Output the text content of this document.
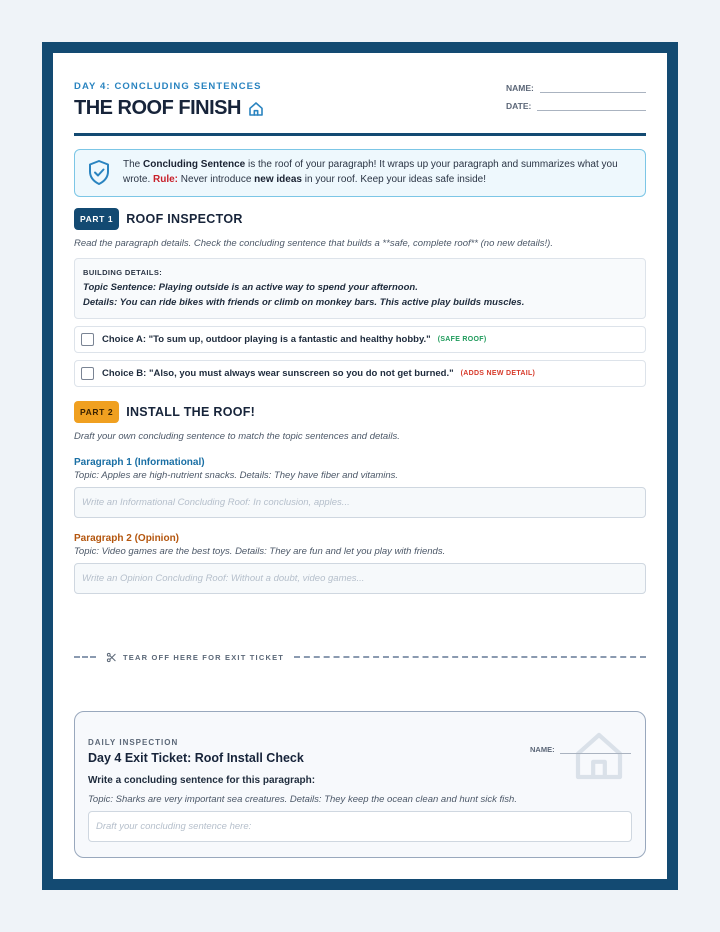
DAY 4: CONCLUDING SENTENCES
THE ROOF FINISH
NAME:
DATE:
The Concluding Sentence is the roof of your paragraph! It wraps up your paragraph and summarizes what you wrote. Rule: Never introduce new ideas in your roof. Keep your ideas safe inside!
PART 1	ROOF INSPECTOR
Read the paragraph details. Check the concluding sentence that builds a **safe, complete roof** (no new details!).
BUILDING DETAILS:
Topic Sentence: Playing outside is an active way to spend your afternoon.
Details: You can ride bikes with friends or climb on monkey bars. This active play builds muscles.
Choice A: "To sum up, outdoor playing is a fantastic and healthy hobby." (SAFE ROOF)
Choice B: "Also, you must always wear sunscreen so you do not get burned." (ADDS NEW DETAIL)
PART 2	INSTALL THE ROOF!
Draft your own concluding sentence to match the topic sentences and details.
Paragraph 1 (Informational)
Topic: Apples are high-nutrient snacks. Details: They have fiber and vitamins.
Write an Informational Concluding Roof: In conclusion, apples...
Paragraph 2 (Opinion)
Topic: Video games are the best toys. Details: They are fun and let you play with friends.
Write an Opinion Concluding Roof: Without a doubt, video games...
TEAR OFF HERE FOR EXIT TICKET
NAME:
DAILY INSPECTION
Day 4 Exit Ticket: Roof Install Check
Write a concluding sentence for this paragraph:
Topic: Sharks are very important sea creatures. Details: They keep the ocean clean and hunt sick fish.
Draft your concluding sentence here:
